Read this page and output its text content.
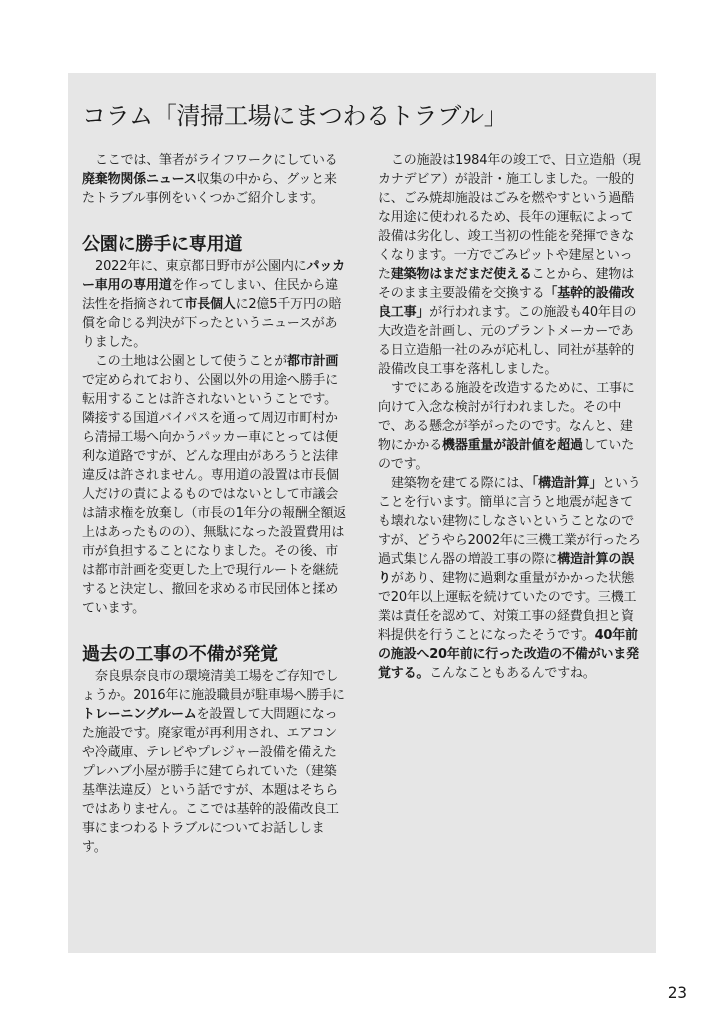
コラム「清掃工場にまつわるトラブル」

ここでは、筆者がライフワークにしている廃棄物関係ニュース収集の中から、グッと来たトラブル事例をいくつかご紹介します。

公園に勝手に専用道

2022年に、東京都日野市が公園内にパッカー車用の専用道を作ってしまい、住民から違法性を指摘されて市長個人に2億5千万円の賠償を命じる判決が下ったというニュースがありました。

この土地は公園として使うことが都市計画で定められており、公園以外の用途へ勝手に転用することは許されないということです。隣接する国道バイパスを通って周辺市町村から清掃工場へ向かうパッカー車にとっては便利な道路ですが、どんな理由があろうと法律違反は許されません。専用道の設置は市長個人だけの責によるものではないとして市議会は請求権を放棄し（市長の1年分の報酬全額返上はあったものの）、無駄になった設置費用は市が負担することになりました。その後、市は都市計画を変更した上で現行ルートを継続すると決定し、撤回を求める市民団体と揉めています。

過去の工事の不備が発覚

奈良県奈良市の環境清美工場をご存知でしょうか。2016年に施設職員が駐車場へ勝手にトレーニングルームを設置して大問題になった施設です。廃家電が再利用され、エアコンや冷蔵庫、テレビやプレジャー設備を備えたプレハブ小屋が勝手に建てられていた（建築基準法違反）という話ですが、本題はそちらではありません。ここでは基幹的設備改良工事にまつわるトラブルについてお話しします。

この施設は1984年の竣工で、日立造船（現カナデビア）が設計・施工しました。一般的に、ごみ焼却施設はごみを燃やすという過酷な用途に使われるため、長年の運転によって設備は劣化し、竣工当初の性能を発揮できなくなります。一方でごみピットや建屋といった建築物はまだまだ使えることから、建物はそのまま主要設備を交換する「基幹的設備改良工事」が行われます。この施設も40年目の大改造を計画し、元のプラントメーカーである日立造船一社のみが応札し、同社が基幹的設備改良工事を落札しました。

すでにある施設を改造するために、工事に向けて入念な検討が行われました。その中で、ある懸念が挙がったのです。なんと、建物にかかる機器重量が設計値を超過していたのです。

建築物を建てる際には、「構造計算」ということを行います。簡単に言うと地震が起きても壊れない建物にしなさいということなのですが、どうやら2002年に三機工業が行ったろ過式集じん器の増設工事の際に構造計算の誤りがあり、建物に過剰な重量がかかった状態で20年以上運転を続けていたのです。三機工業は責任を認めて、対策工事の経費負担と資料提供を行うことになったそうです。40年前の施設へ20年前に行った改造の不備がいま発覚する。こんなこともあるんですね。

23
